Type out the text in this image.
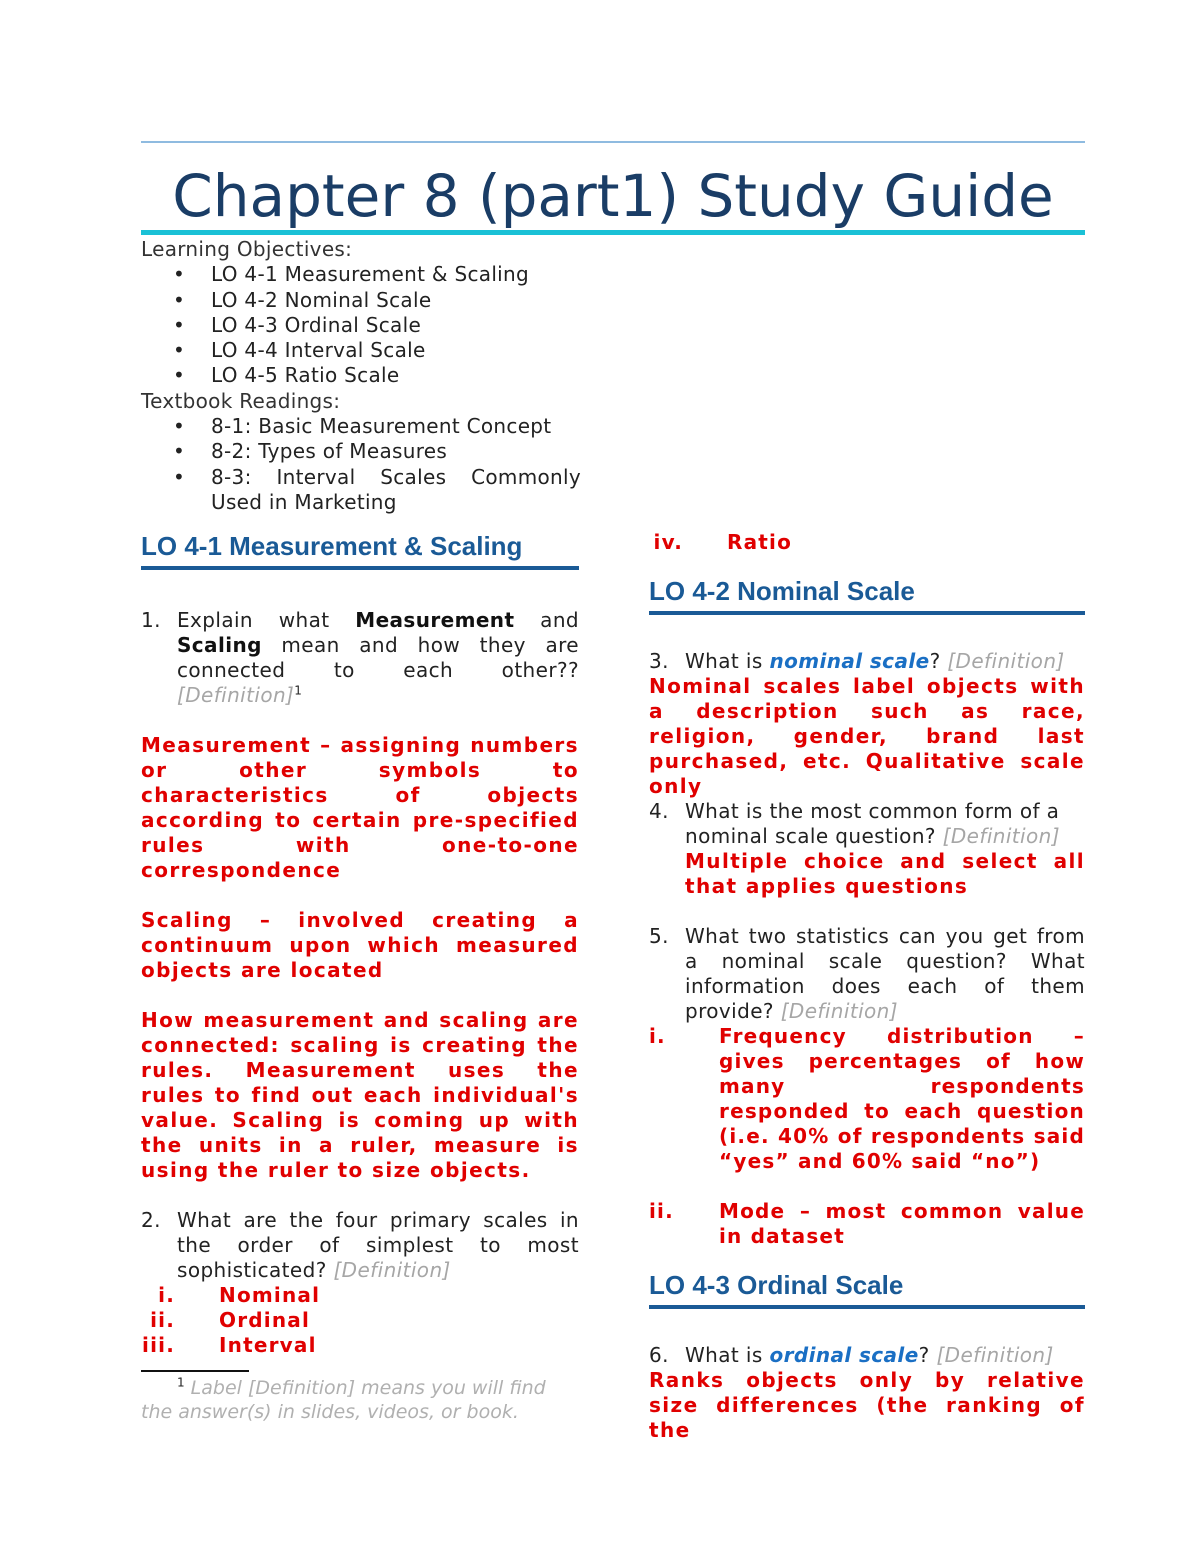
Chapter 8 (part1) Study Guide
Learning Objectives:
• LO 4-1 Measurement & Scaling
• LO 4-2 Nominal Scale
• LO 4-3 Ordinal Scale
• LO 4-4 Interval Scale
• LO 4-5 Ratio Scale
Textbook Readings:
• 8-1: Basic Measurement Concept
• 8-2: Types of Measures
• 8-3: Interval Scales Commonly Used in Marketing
LO 4-1 Measurement & Scaling
1. Explain what Measurement and Scaling mean and how they are connected to each other?? [Definition]$^1$
Measurement – assigning numbers or other symbols to characteristics of objects according to certain pre-specified rules with one-to-one correspondence
Scaling – involved creating a continuum upon which measured objects are located
How measurement and scaling are connected: scaling is creating the rules. Measurement uses the rules to find out each individual's value. Scaling is coming up with the units in a ruler, measure is using the ruler to size objects.
2. What are the four primary scales in the order of simplest to most sophisticated? [Definition]
i. Nominal
ii. Ordinal
iii. Interval
$^1$ Label [Definition] means you will find the answer(s) in slides, videos, or book.
iv. Ratio
LO 4-2 Nominal Scale
3. What is nominal scale? [Definition]
Nominal scales label objects with a description such as race, religion, gender, brand last purchased, etc. Qualitative scale only
4. What is the most common form of a nominal scale question? [Definition]
Multiple choice and select all that applies questions
5. What two statistics can you get from a nominal scale question? What information does each of them provide? [Definition]
i.	Frequency distribution – gives percentages of how many respondents responded to each question (i.e. 40% of respondents said “yes” and 60% said “no”)
ii.	Mode – most common value in dataset
LO 4-3 Ordinal Scale
6. What is ordinal scale? [Definition]
Ranks objects only by relative size differences (the ranking of the
